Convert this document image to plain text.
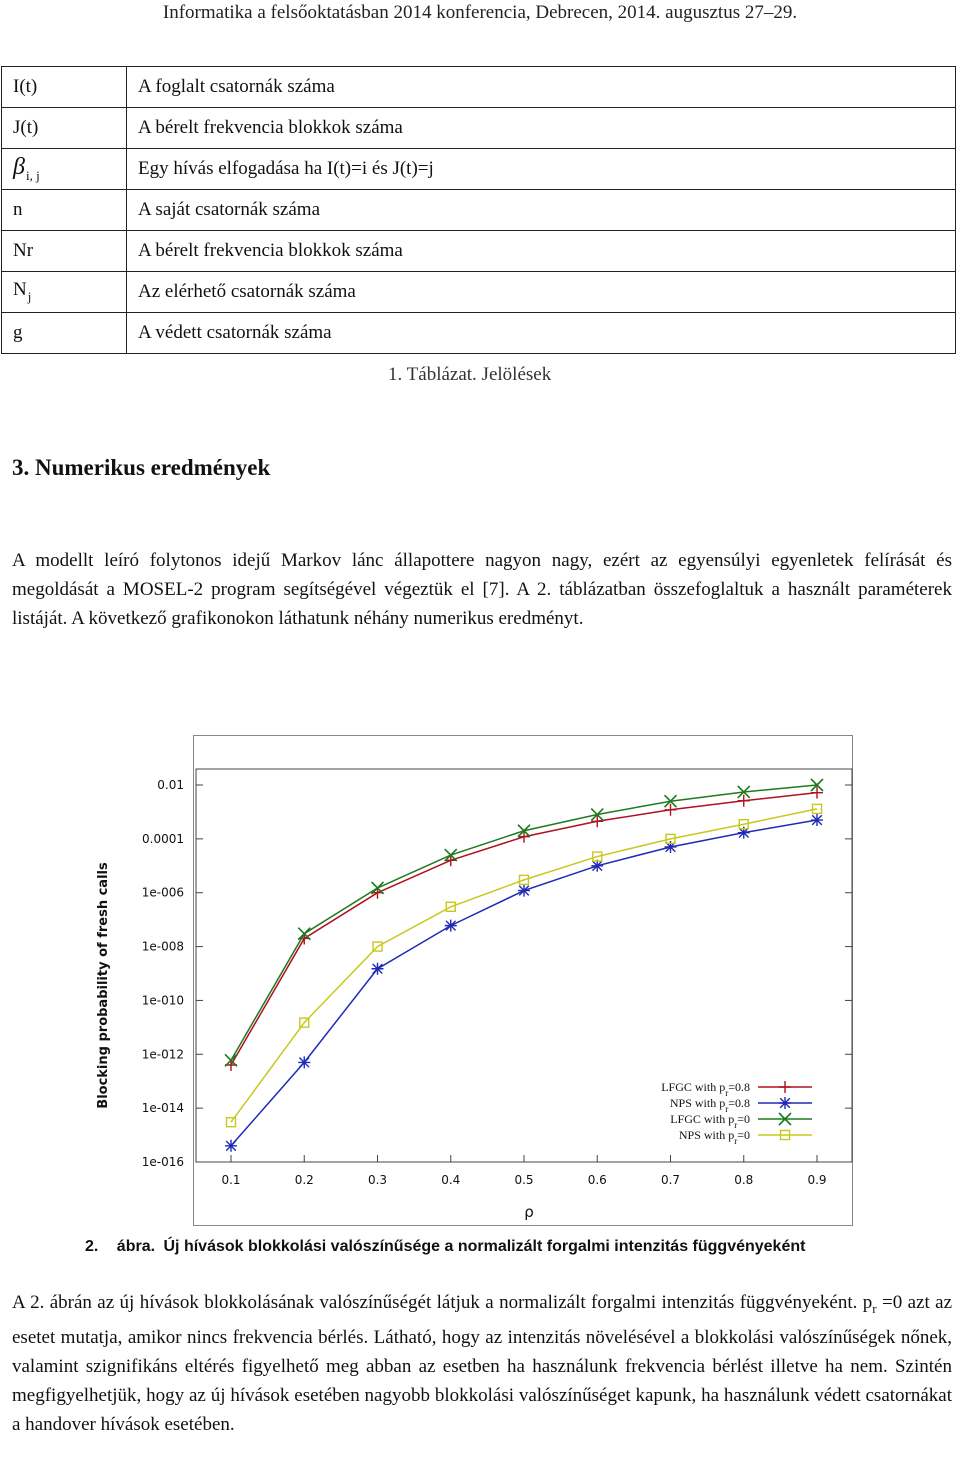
Informatika a felsőoktatásban 2014 konferencia, Debrecen, 2014. augusztus 27–29.
I(t)	A foglalt csatornák száma
J(t)	A bérelt frekvencia blokkok száma
$\beta_{i, j}$	Egy hívás elfogadása ha I(t)=i és J(t)=j
n	A saját csatornák száma
Nr	A bérelt frekvencia blokkok száma
$N_j$	Az elérhető csatornák száma
g	A védett csatornák száma
1. Táblázat. Jelölések
3. Numerikus eredmények

A modellt leíró folytonos idejű Markov lánc állapottere nagyon nagy, ezért az egyensúlyi egyenletek felírását és megoldását a MOSEL-2 program segítségével végeztük el [7]. A 2. táblázatban összefoglaltuk a használt paraméterek listáját. A következő grafikonokon láthatunk néhány numerikus eredményt.

0.01
0.0001
1e-006
1e-008
1e-010
1e-012
1e-014
1e-016
0.1	0.2	0.3	0.4	0.5	0.6	0.7	0.8	0.9
ρ
Blocking probability of fresh calls	LFGC with $p_r=0.8$
NPS with $p_r=0.8$
LFGC with $p_r=0$
NPS with $p_r=0$
2. ábra. Új hívások blokkolási valószínűsége a normalizált forgalmi intenzitás függvényeként

A 2. ábrán az új hívások blokkolásának valószínűségét látjuk a normalizált forgalmi intenzitás függvényeként. $p_r =0$ azt az esetet mutatja, amikor nincs frekvencia bérlés. Látható, hogy az intenzitás növelésével a blokkolási valószínűségek nőnek, valamint szignifikáns eltérés figyelhető meg abban az esetben ha használunk frekvencia bérlést illetve ha nem. Szintén megfigyelhetjük, hogy az új hívások esetében nagyobb blokkolási valószínűséget kapunk, ha használunk védett csatornákat a handover hívások esetében.
